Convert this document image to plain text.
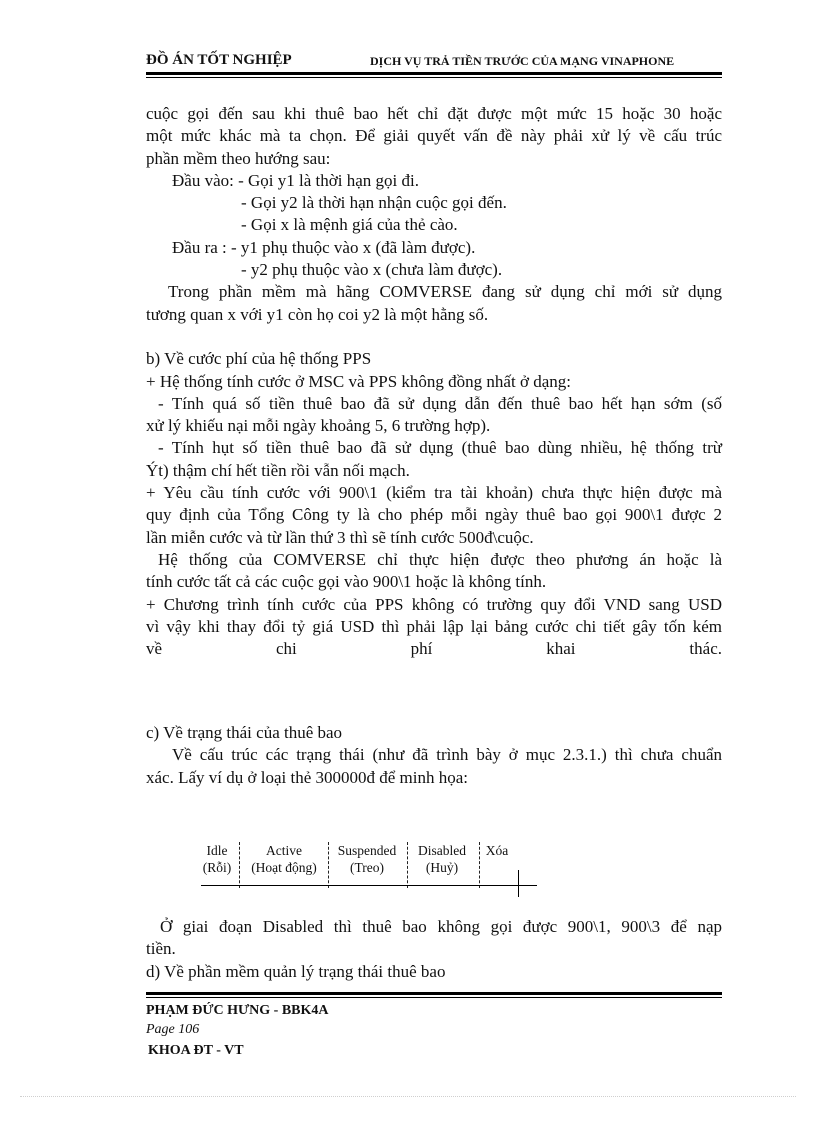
ĐỒ ÁN TỐT NGHIỆP	DỊCH VỤ TRẢ TIỀN TRƯỚC CỦA MẠNG VINAPHONE
cuộc gọi đến sau khi thuê bao hết chỉ đặt được một mức 15 hoặc 30 hoặc
một mức khác mà ta chọn. Để giải quyết vấn đề này phải xử lý về cấu trúc
phần mềm theo hướng sau:
Đầu vào: - Gọi y1 là thời hạn gọi đi.
- Gọi y2 là thời hạn nhận cuộc gọi đến.
- Gọi x là mệnh giá của thẻ cào.
Đầu ra : - y1 phụ thuộc vào x (đã làm được).
- y2 phụ thuộc vào x (chưa làm được).
Trong phần mềm mà hãng COMVERSE đang sử dụng chỉ mới sử dụng
tương quan x với y1 còn họ coi y2 là một hằng số.
b) Về cước phí của hệ thống PPS
+ Hệ thống tính cước ở MSC và PPS không đồng nhất ở dạng:
- Tính quá số tiền thuê bao đã sử dụng dẫn đến thuê bao hết hạn sớm (số
xử lý khiếu nại mỗi ngày khoảng 5, 6 trường hợp).
- Tính hụt số tiền thuê bao đã sử dụng (thuê bao dùng nhiều, hệ thống trừ
Ýt) thậm chí hết tiền rồi vẫn nối mạch.
+ Yêu cầu tính cước với 900\1 (kiểm tra tài khoản) chưa thực hiện được mà
quy định của Tổng Công ty là cho phép mỗi ngày thuê bao gọi 900\1 được 2
lần miễn cước và từ lần thứ 3 thì sẽ tính cước 500đ\cuộc.
Hệ thống của COMVERSE chỉ thực hiện được theo phương án hoặc là
tính cước tất cả các cuộc gọi vào 900\1 hoặc là không tính.
+ Chương trình tính cước của PPS không có trường quy đổi VND sang USD
vì vậy khi thay đổi tỷ giá USD thì phải lập lại bảng cước chi tiết gây tốn kém
về chi phí khai thác.
c) Về trạng thái của thuê bao
Về cấu trúc các trạng thái (như đã trình bày ở mục 2.3.1.) thì chưa chuẩn
xác. Lấy ví dụ ở loại thẻ 300000đ để minh họa:
Idle
(Rỗi)
Active
(Hoạt động)
Suspended
(Treo)
Disabled
(Huỷ)
Xóa
Ở giai đoạn Disabled thì thuê bao không gọi được 900\1, 900\3 để nạp
tiền.
d) Về phần mềm quản lý trạng thái thuê bao
PHẠM ĐỨC HƯNG - BBK4A
Page 106
KHOA ĐT - VT
